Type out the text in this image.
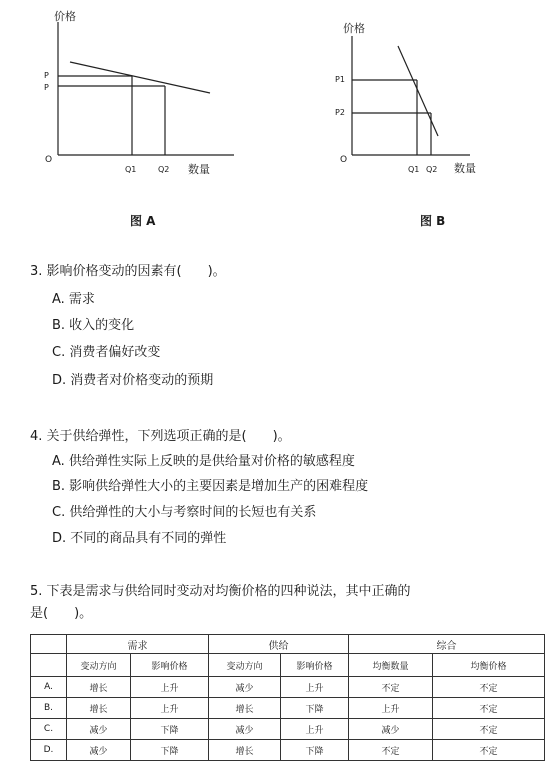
价格
P
P
O
Q1	Q2 数量
图 A
价格
P1
P2
O
Q1 Q2 数量
图 B
3. 影响价格变动的因素有(　　)。
A. 需求
B. 收入的变化
C. 消费者偏好改变
D. 消费者对价格变动的预期
4. 关于供给弹性，下列选项正确的是(　　)。
A. 供给弹性实际上反映的是供给量对价格的敏感程度
B. 影响供给弹性大小的主要因素是增加生产的困难程度
C. 供给弹性的大小与考察时间的长短也有关系
D. 不同的商品具有不同的弹性
5. 下表是需求与供给同时变动对均衡价格的四种说法，其中正确的
是(　　)。
	需求		供给		综合	
	变动方向	影响价格	变动方向	影响价格	均衡数量	均衡价格
A.	增长	上升	减少	上升	不定	不定
B.	增长	上升	增长	下降	上升	不定
C.	减少	下降	减少	上升	减少	不定
D.	减少	下降	增长	下降	不定	不定
